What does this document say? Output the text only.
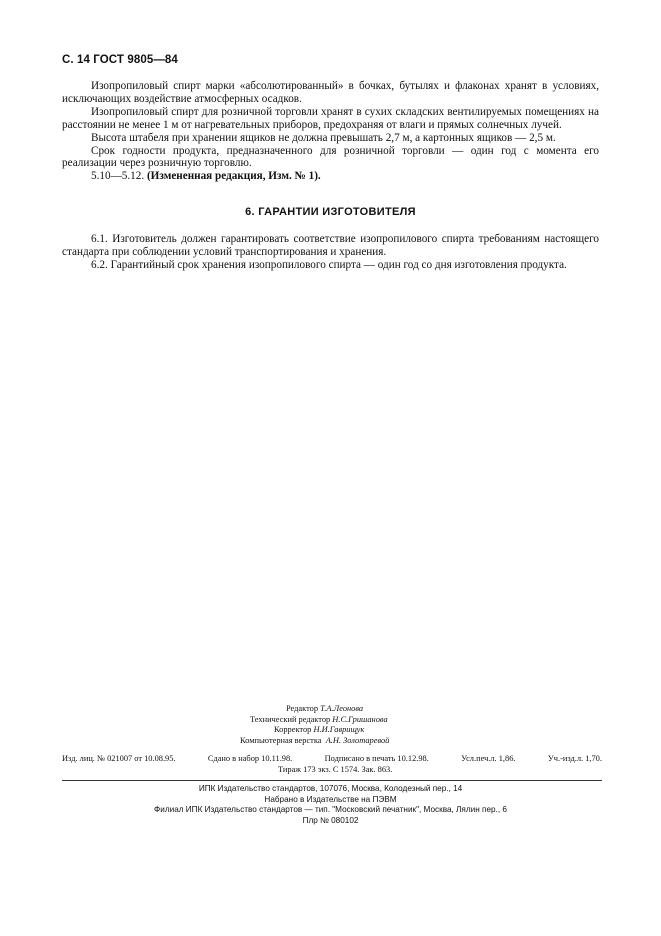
С. 14 ГОСТ 9805—84

Изопропиловый спирт марки «абсолютированный» в бочках, бутылях и флаконах хранят в условиях, исключающих воздействие атмосферных осадков.

Изопропиловый спирт для розничной торговли хранят в сухих складских вентилируемых помещениях на расстоянии не менее 1 м от нагревательных приборов, предохраняя от влаги и прямых солнечных лучей.

Высота штабеля при хранении ящиков не должна превышать 2,7 м, а картонных ящиков — 2,5 м.

Срок годности продукта, предназначенного для розничной торговли — один год с момента его реализации через розничную торговлю.

5.10—5.12. (Измененная редакция, Изм. № 1).

6. ГАРАНТИИ ИЗГОТОВИТЕЛЯ

6.1. Изготовитель должен гарантировать соответствие изопропилового спирта требованиям настоящего стандарта при соблюдении условий транспортирования и хранения.

6.2. Гарантийный срок хранения изопропилового спирта — один год со дня изготовления продукта.

Редактор Т.А.Леонова
Технический редактор Н.С.Гришанова
Корректор Н.И.Гаврищук
Компьютерная верстка А.Н. Золотаревой
Изд. лиц. № 021007 от 10.08.95.	Сдано в набор 10.11.98.	Подписано в печать 10.12.98.	Усл.печ.л. 1,86.	Уч.-изд.л. 1,70.
Тираж 173 экз. С 1574. Зак. 863.
ИПК Издательство стандартов, 107076, Москва, Колодезный пер., 14
Набрано в Издательстве на ПЭВМ
Филиал ИПК Издательство стандартов — тип. "Московский печатник", Москва, Лялин пер., 6
Плр № 080102
